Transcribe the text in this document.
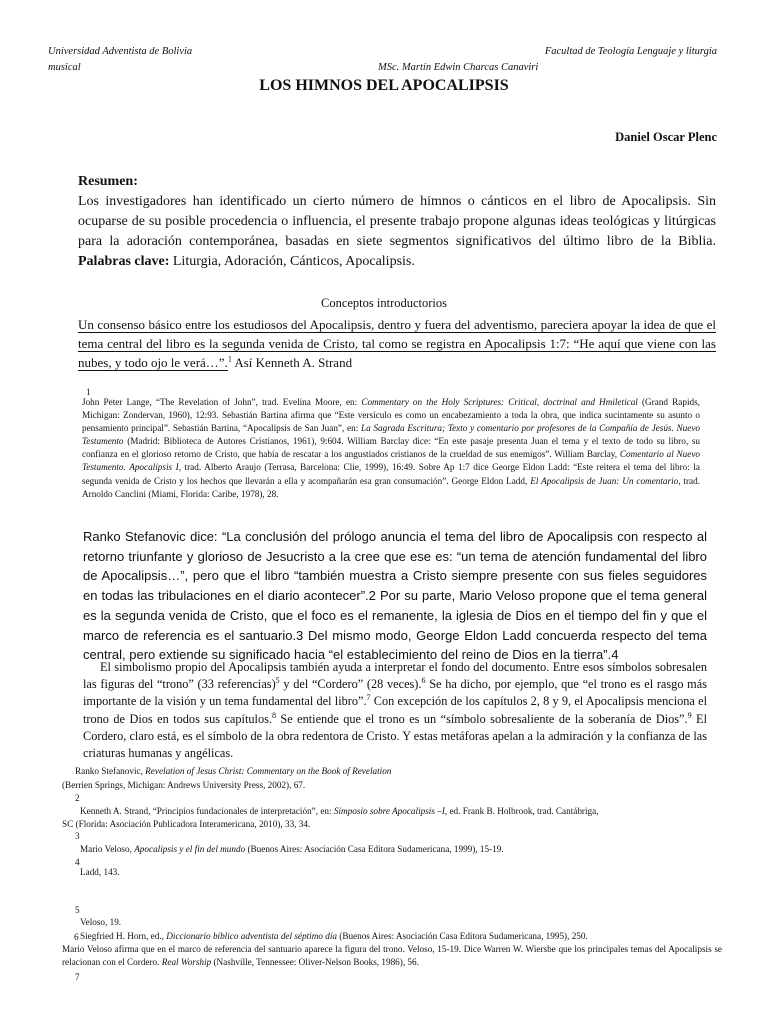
Universidad Adventista de Bolivia
musical
Facultad de Teología Lenguaje y liturgia
MSc. Martín Edwin Charcas Canaviri
LOS HIMNOS DEL APOCALIPSIS
Daniel Oscar Plenc
Resumen:
Los investigadores han identificado un cierto número de himnos o cánticos en el libro de Apocalipsis. Sin ocuparse de su posible procedencia o influencia, el presente trabajo propone algunas ideas teológicas y litúrgicas para la adoración contemporánea, basadas en siete segmentos significativos del último libro de la Biblia. Palabras clave: Liturgia, Adoración, Cánticos, Apocalipsis.
Conceptos introductorios
Un consenso básico entre los estudiosos del Apocalipsis, dentro y fuera del adventismo, pareciera apoyar la idea de que el tema central del libro es la segunda venida de Cristo, tal como se registra en Apocalipsis 1:7: “He aquí que viene con las nubes, y todo ojo le verá…”.$^1$ Así Kenneth A. Strand
1
John Peter Lange, “The Revelation of John”, trad. Evelina Moore, en: Commentary on the Holy Scriptures: Critical, doctrinal and Hmiletical (Grand Rapids, Michigan: Zondervan, 1960), 12:93. Sebastián Bartina afirma que “Este versículo es como un encabezamiento a toda la obra, que indica sucintamente su asunto o pensamiento principal”. Sebastián Bartina, “Apocalipsis de San Juan”, en: La Sagrada Escritura; Texto y comentario por profesores de la Compañía de Jesús. Nuevo Testamento (Madrid: Biblioteca de Autores Cristianos, 1961), 9:604. William Barclay dice: “En este pasaje presenta Juan el tema y el texto de todo su libro, su confianza en el glorioso retorno de Cristo, que había de rescatar a los angustiados cristianos de la crueldad de sus enemigos”. William Barclay, Comentario al Nuevo Testamento. Apocalipsis I, trad. Alberto Araujo (Terrasa, Barcelona: Clie, 1999), 16:49. Sobre Ap 1:7 dice George Eldon Ladd: “Este reitera el tema del libro: la segunda venida de Cristo y los hechos que llevarán a ella y acompañarán esa gran consumación”. George Eldon Ladd, El Apocalipsis de Juan: Un comentario, trad. Arnoldo Canclini (Miami, Florida: Caribe, 1978), 28.
Ranko Stefanovic dice: “La conclusión del prólogo anuncia el tema del libro de Apocalipsis con respecto al retorno triunfante y glorioso de Jesucristo a la cree que ese es: “un tema de atención fundamental del libro de Apocalipsis…”, pero que el libro “también muestra a Cristo siempre presente con sus fieles seguidores en todas las tribulaciones en el diario acontecer”.2 Por su parte, Mario Veloso propone que el tema general es la segunda venida de Cristo, que el foco es el remanente, la iglesia de Dios en el tiempo del fin y que el marco de referencia es el santuario.3 Del mismo modo, George Eldon Ladd concuerda respecto del tema central, pero extiende su significado hacia “el establecimiento del reino de Dios en la tierra”.4
El simbolismo propio del Apocalipsis también ayuda a interpretar el fondo del documento. Entre esos símbolos sobresalen las figuras del “trono” (33 referencias)$^5$ y del “Cordero” (28 veces).$^6$ Se ha dicho, por ejemplo, que “el trono es el rasgo más importante de la visión y un tema fundamental del libro”.$^7$ Con excepción de los capítulos 2, 8 y 9, el Apocalipsis menciona el trono de Dios en todos sus capítulos.$^8$ Se entiende que el trono es un “símbolo sobresaliente de la soberanía de Dios”.$^9$ El Cordero, claro está, es el símbolo de la obra redentora de Cristo. Y estas metáforas apelan a la admiración y la confianza de las criaturas humanas y angélicas.
Ranko Stefanovic, Revelation of Jesus Christ: Commentary on the Book of Revelation
(Berrien Springs, Michigan: Andrews University Press, 2002), 67.
2
Kenneth A. Strand, “Principios fundacionales de interpretación”, en: Simposio sobre Apocalipsis –I, ed. Frank B. Holbrook, trad. Cantábriga,
SC (Florida: Asociación Publicadora Interamericana, 2010), 33, 34.
3
Mario Veloso, Apocalipsis y el fin del mundo (Buenos Aires: Asociación Casa Editora Sudamericana, 1999), 15-19.
4
Ladd, 143.
5
Veloso, 19.
6 Siegfried H. Horn, ed., Diccionario bíblico adventista del séptimo día (Buenos Aires: Asociación Casa Editora Sudamericana, 1995), 250.
Mario Veloso afirma que en el marco de referencia del santuario aparece la figura del trono. Veloso, 15-19. Dice Warren W. Wiersbe que los principales temas del Apocalipsis se relacionan con el Cordero. Real Worship (Nashville, Tennessee: Oliver-Nelson Books, 1986), 56.
7
